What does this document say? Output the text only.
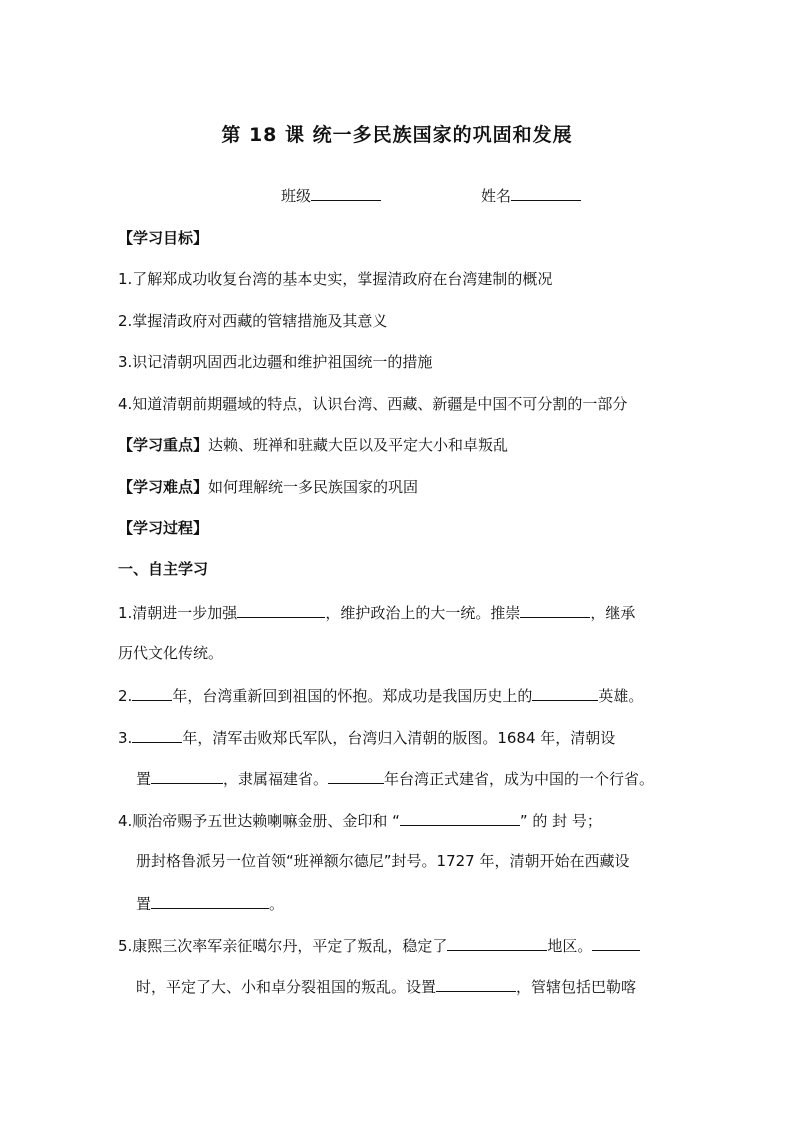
第 18 课 统一多民族国家的巩固和发展
班级	姓名
【学习目标】
1.了解郑成功收复台湾的基本史实，掌握清政府在台湾建制的概况
2.掌握清政府对西藏的管辖措施及其意义
3.识记清朝巩固西北边疆和维护祖国统一的措施
4.知道清朝前期疆域的特点，认识台湾、西藏、新疆是中国不可分割的一部分
【学习重点】达赖、班禅和驻藏大臣以及平定大小和卓叛乱
【学习难点】如何理解统一多民族国家的巩固
【学习过程】
一、自主学习
1.清朝进一步加强	，维护政治上的大一统。推崇	，继承
历代文化传统。
2.	年，台湾重新回到祖国的怀抱。郑成功是我国历史上的	英雄。
3.	年，清军击败郑氏军队，台湾归入清朝的版图。1684 年，清朝设
置	，隶属福建省。	年台湾正式建省，成为中国的一个行省。
4.顺治帝赐予五世达赖喇嘛金册、金印和 “	” 的 封 号；
册封格鲁派另一位首领“班禅额尔德尼”封号。1727 年，清朝开始在西藏设
置	。
5.康熙三次率军亲征噶尔丹，平定了叛乱，稳定了	地区。
时，平定了大、小和卓分裂祖国的叛乱。设置	，管辖包括巴勒喀
